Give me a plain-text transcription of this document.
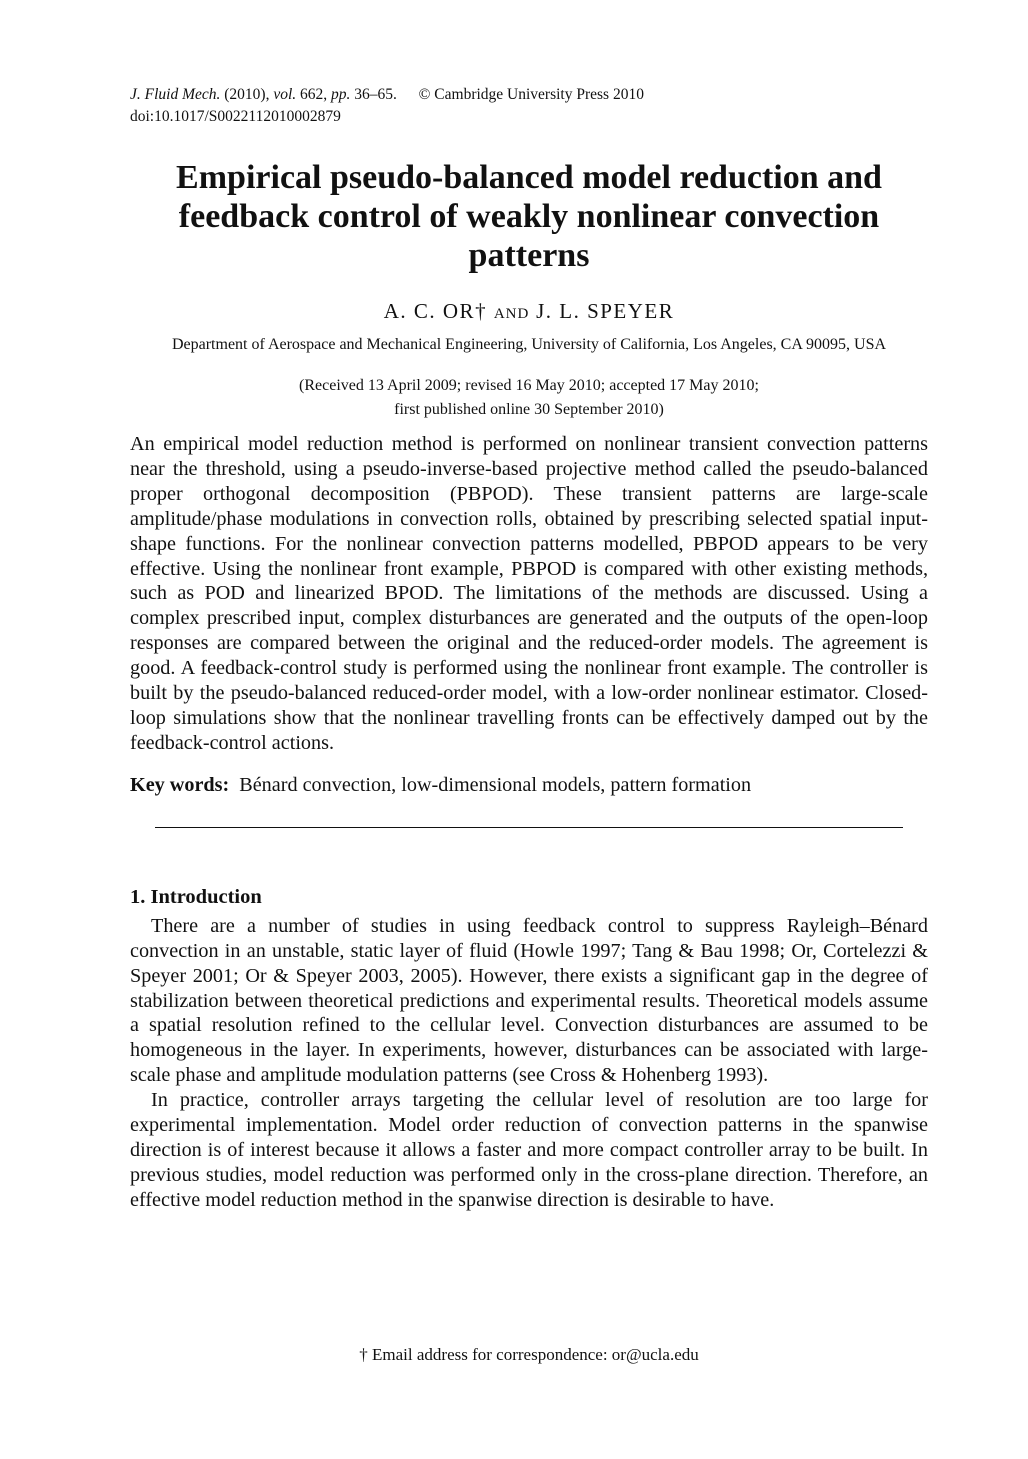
J. Fluid Mech. (2010), vol. 662, pp. 36–65. © Cambridge University Press 2010
doi:10.1017/S0022112010002879
Empirical pseudo-balanced model reduction and feedback control of weakly nonlinear convection patterns
A. C. OR† AND J. L. SPEYER
Department of Aerospace and Mechanical Engineering, University of California, Los Angeles, CA 90095, USA
(Received 13 April 2009; revised 16 May 2010; accepted 17 May 2010;
first published online 30 September 2010)
An empirical model reduction method is performed on nonlinear transient convection patterns near the threshold, using a pseudo-inverse-based projective method called the pseudo-balanced proper orthogonal decomposition (PBPOD). These transient patterns are large-scale amplitude/phase modulations in convection rolls, obtained by prescribing selected spatial input-shape functions. For the nonlinear convection patterns modelled, PBPOD appears to be very effective. Using the nonlinear front example, PBPOD is compared with other existing methods, such as POD and linearized BPOD. The limitations of the methods are discussed. Using a complex prescribed input, complex disturbances are generated and the outputs of the open-loop responses are compared between the original and the reduced-order models. The agreement is good. A feedback-control study is performed using the nonlinear front example. The controller is built by the pseudo-balanced reduced-order model, with a low-order nonlinear estimator. Closed-loop simulations show that the nonlinear travelling fronts can be effectively damped out by the feedback-control actions.
Key words: Bénard convection, low-dimensional models, pattern formation
1. Introduction

There are a number of studies in using feedback control to suppress Rayleigh–Bénard convection in an unstable, static layer of fluid (Howle 1997; Tang & Bau 1998; Or, Cortelezzi & Speyer 2001; Or & Speyer 2003, 2005). However, there exists a significant gap in the degree of stabilization between theoretical predictions and experimental results. Theoretical models assume a spatial resolution refined to the cellular level. Convection disturbances are assumed to be homogeneous in the layer. In experiments, however, disturbances can be associated with large-scale phase and amplitude modulation patterns (see Cross & Hohenberg 1993).

In practice, controller arrays targeting the cellular level of resolution are too large for experimental implementation. Model order reduction of convection patterns in the spanwise direction is of interest because it allows a faster and more compact controller array to be built. In previous studies, model reduction was performed only in the cross-plane direction. Therefore, an effective model reduction method in the spanwise direction is desirable to have.

† Email address for correspondence: or@ucla.edu
